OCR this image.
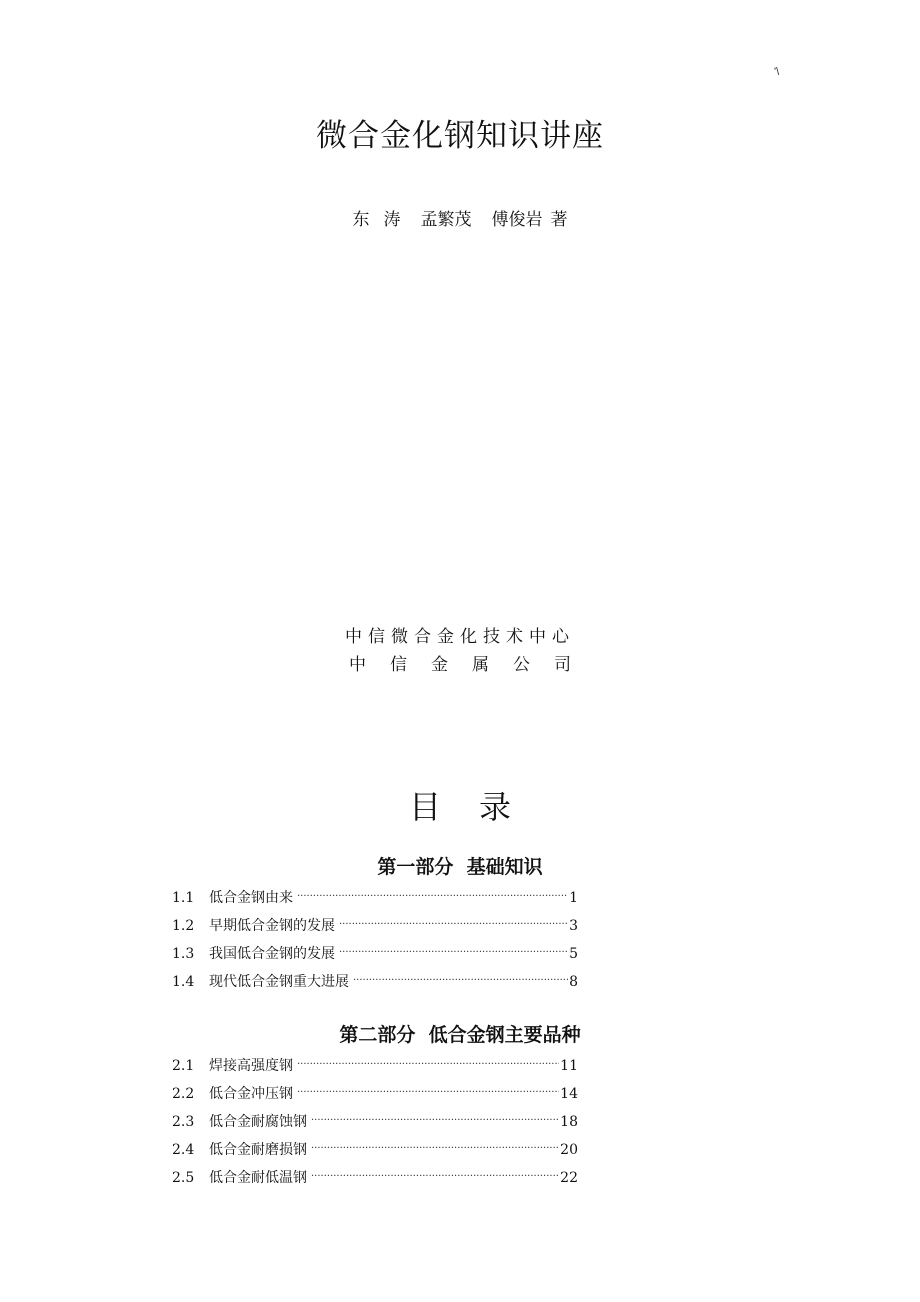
'\
微合金化钢知识讲座
东涛 孟繁茂 傅俊岩 著
中信微合金化技术中心
中信金属公司
目录
第一部分  基础知识
1.1	低合金钢由来 ·····	1
1.2	早期低合金钢的发展 ·····	3
1.3	我国低合金钢的发展 ·····	5
1.4	现代低合金钢重大进展 ·····	8
第二部分  低合金钢主要品种
2.1	焊接高强度钢 ·····	11
2.2	低合金冲压钢 ·····	14
2.3	低合金耐腐蚀钢 ·····	18
2.4	低合金耐磨损钢 ·····	20
2.5	低合金耐低温钢 ·····	22
